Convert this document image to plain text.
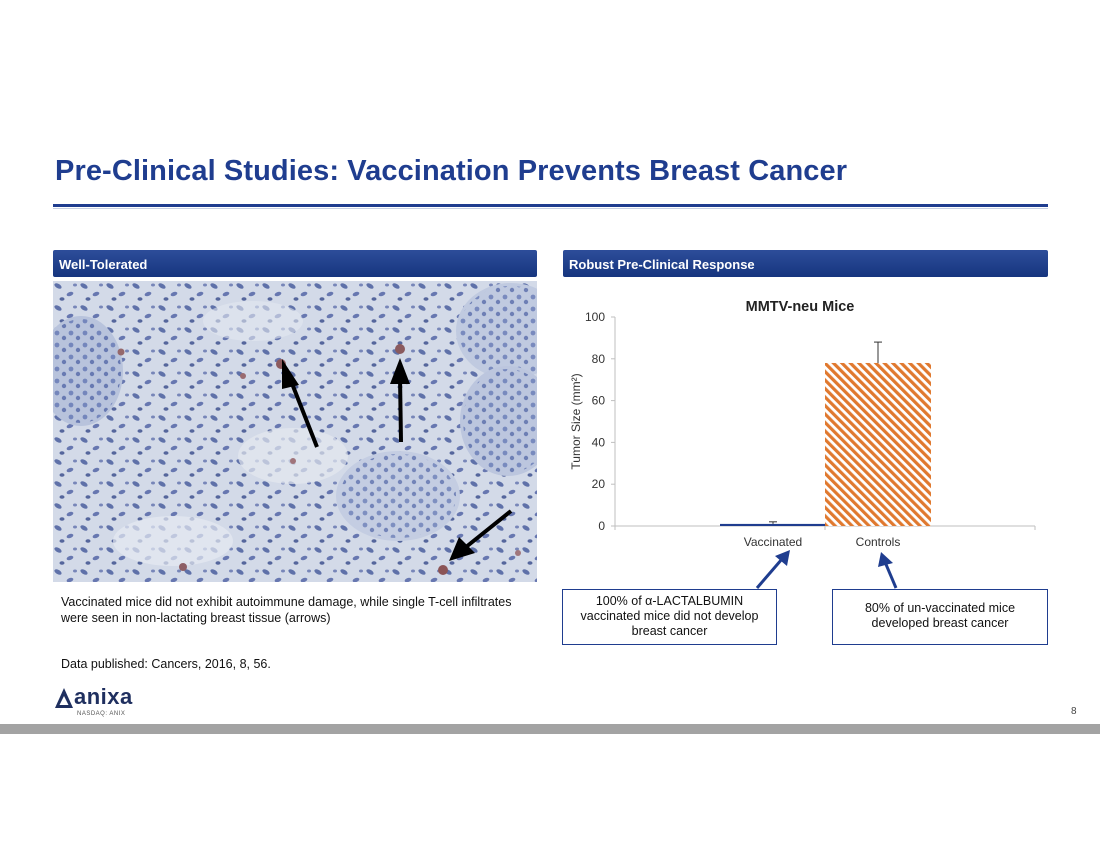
Pre-Clinical Studies: Vaccination Prevents Breast Cancer
Well-Tolerated
Vaccinated mice did not exhibit autoimmune damage, while single T-cell infiltrates were seen in non-lactating breast tissue (arrows)
Data published: Cancers, 2016, 8, 56.
Robust Pre-Clinical Response
MMTV-neu Mice
0
20
40
60
80
100
Tumor Size (mm²)
Vaccinated	Controls
100% of α-LACTALBUMIN vaccinated mice did not develop breast cancer
80% of un-vaccinated mice developed breast cancer
anixa
NASDAQ: ANIX	8
